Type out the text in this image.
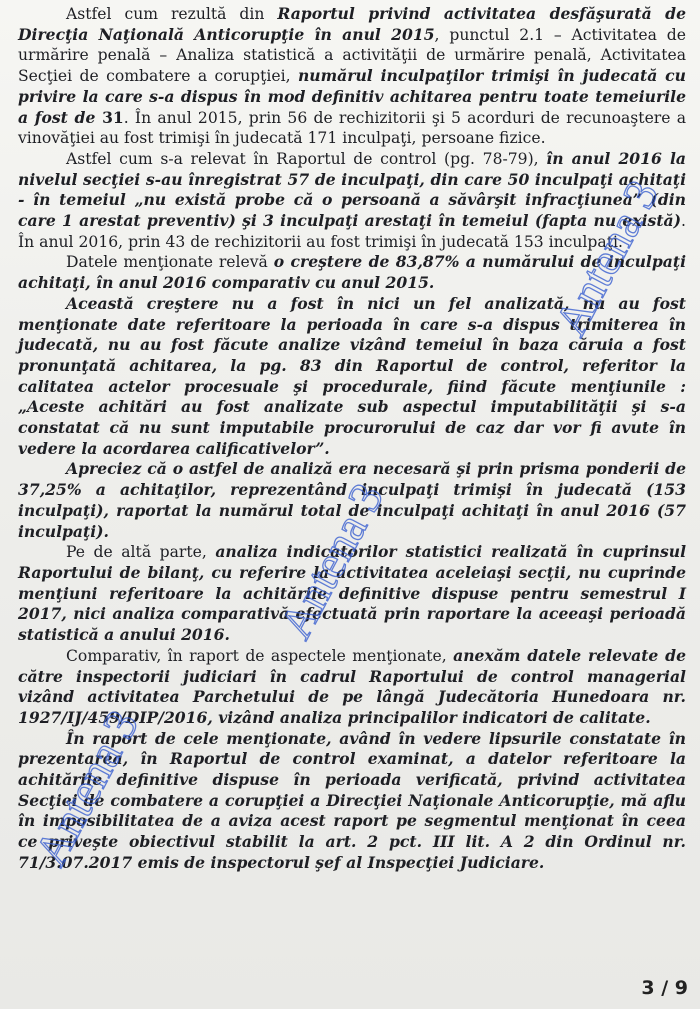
Astfel cum rezultă din Raportul privind activitatea desfăşurată de Direcţia Naţională Anticorupţie în anul 2015, punctul 2.1 – Activitatea de urmărire penală – Analiza statistică a activităţii de urmărire penală, Activitatea Secţiei de combatere a corupţiei, numărul inculpaţilor trimişi în judecată cu privire la care s-a dispus în mod definitiv achitarea pentru toate temeiurile a fost de 31. În anul 2015, prin 56 de rechizitorii şi 5 acorduri de recunoaştere a vinovăţiei au fost trimişi în judecată 171 inculpaţi, persoane fizice.

Astfel cum s-a relevat în Raportul de control (pg. 78-79), în anul 2016 la nivelul secţiei s-au înregistrat 57 de inculpaţi, din care 50 inculpaţi achitaţi - în temeiul „nu există probe că o persoană a săvârşit infracţiunea” (din care 1 arestat preventiv) şi 3 inculpaţi arestaţi în temeiul (fapta nu există). În anul 2016, prin 43 de rechizitorii au fost trimişi în judecată 153 inculpaţi.

Datele menţionate relevă o creştere de 83,87% a numărului de inculpaţi achitaţi, în anul 2016 comparativ cu anul 2015.

Această creştere nu a fost în nici un fel analizată, nu au fost menţionate date referitoare la perioada în care s-a dispus trimiterea în judecată, nu au fost făcute analize vizând temeiul în baza căruia a fost pronunţată achitarea, la pg. 83 din Raportul de control, referitor la calitatea actelor procesuale şi procedurale, fiind făcute menţiunile : „Aceste achitări au fost analizate sub aspectul imputabilităţii şi s-a constatat că nu sunt imputabile procurorului de caz dar vor fi avute în vedere la acordarea calificativelor”.

Apreciez că o astfel de analiză era necesară şi prin prisma ponderii de 37,25% a achitaţilor, reprezentând inculpaţi trimişi în judecată (153 inculpaţi), raportat la numărul total de inculpaţi achitaţi în anul 2016 (57 inculpaţi).

Pe de altă parte, analiza indicatorilor statistici realizată în cuprinsul Raportului de bilanţ, cu referire la activitatea aceleiaşi secţii, nu cuprinde menţiuni referitoare la achitările definitive dispuse pentru semestrul I 2017, nici analiza comparativă efectuată prin raportare la aceeaşi perioadă statistică a anului 2016.

Comparativ, în raport de aspectele menţionate, anexăm datele relevate de către inspectorii judiciari în cadrul Raportului de control managerial vizând activitatea Parchetului de pe lângă Judecătoria Hunedoara nr. 1927/IJ/459/DIP/2016, vizând analiza principalilor indicatori de calitate.

În raport de cele menţionate, având în vedere lipsurile constatate în prezentarea, în Raportul de control examinat, a datelor referitoare la achitările definitive dispuse în perioada verificată, privind activitatea Secţiei de combatere a corupţiei a Direcţiei Naţionale Anticorupţie, mă aflu în imposibilitatea de a aviza acest raport pe segmentul menţionat în ceea ce priveşte obiectivul stabilit la art. 2 pct. III lit. A 2 din Ordinul nr. 71/3.07.2017 emis de inspectorul şef al Inspecţiei Judiciare.

3 / 9
Antena 3
Antena 3
Antena 3
